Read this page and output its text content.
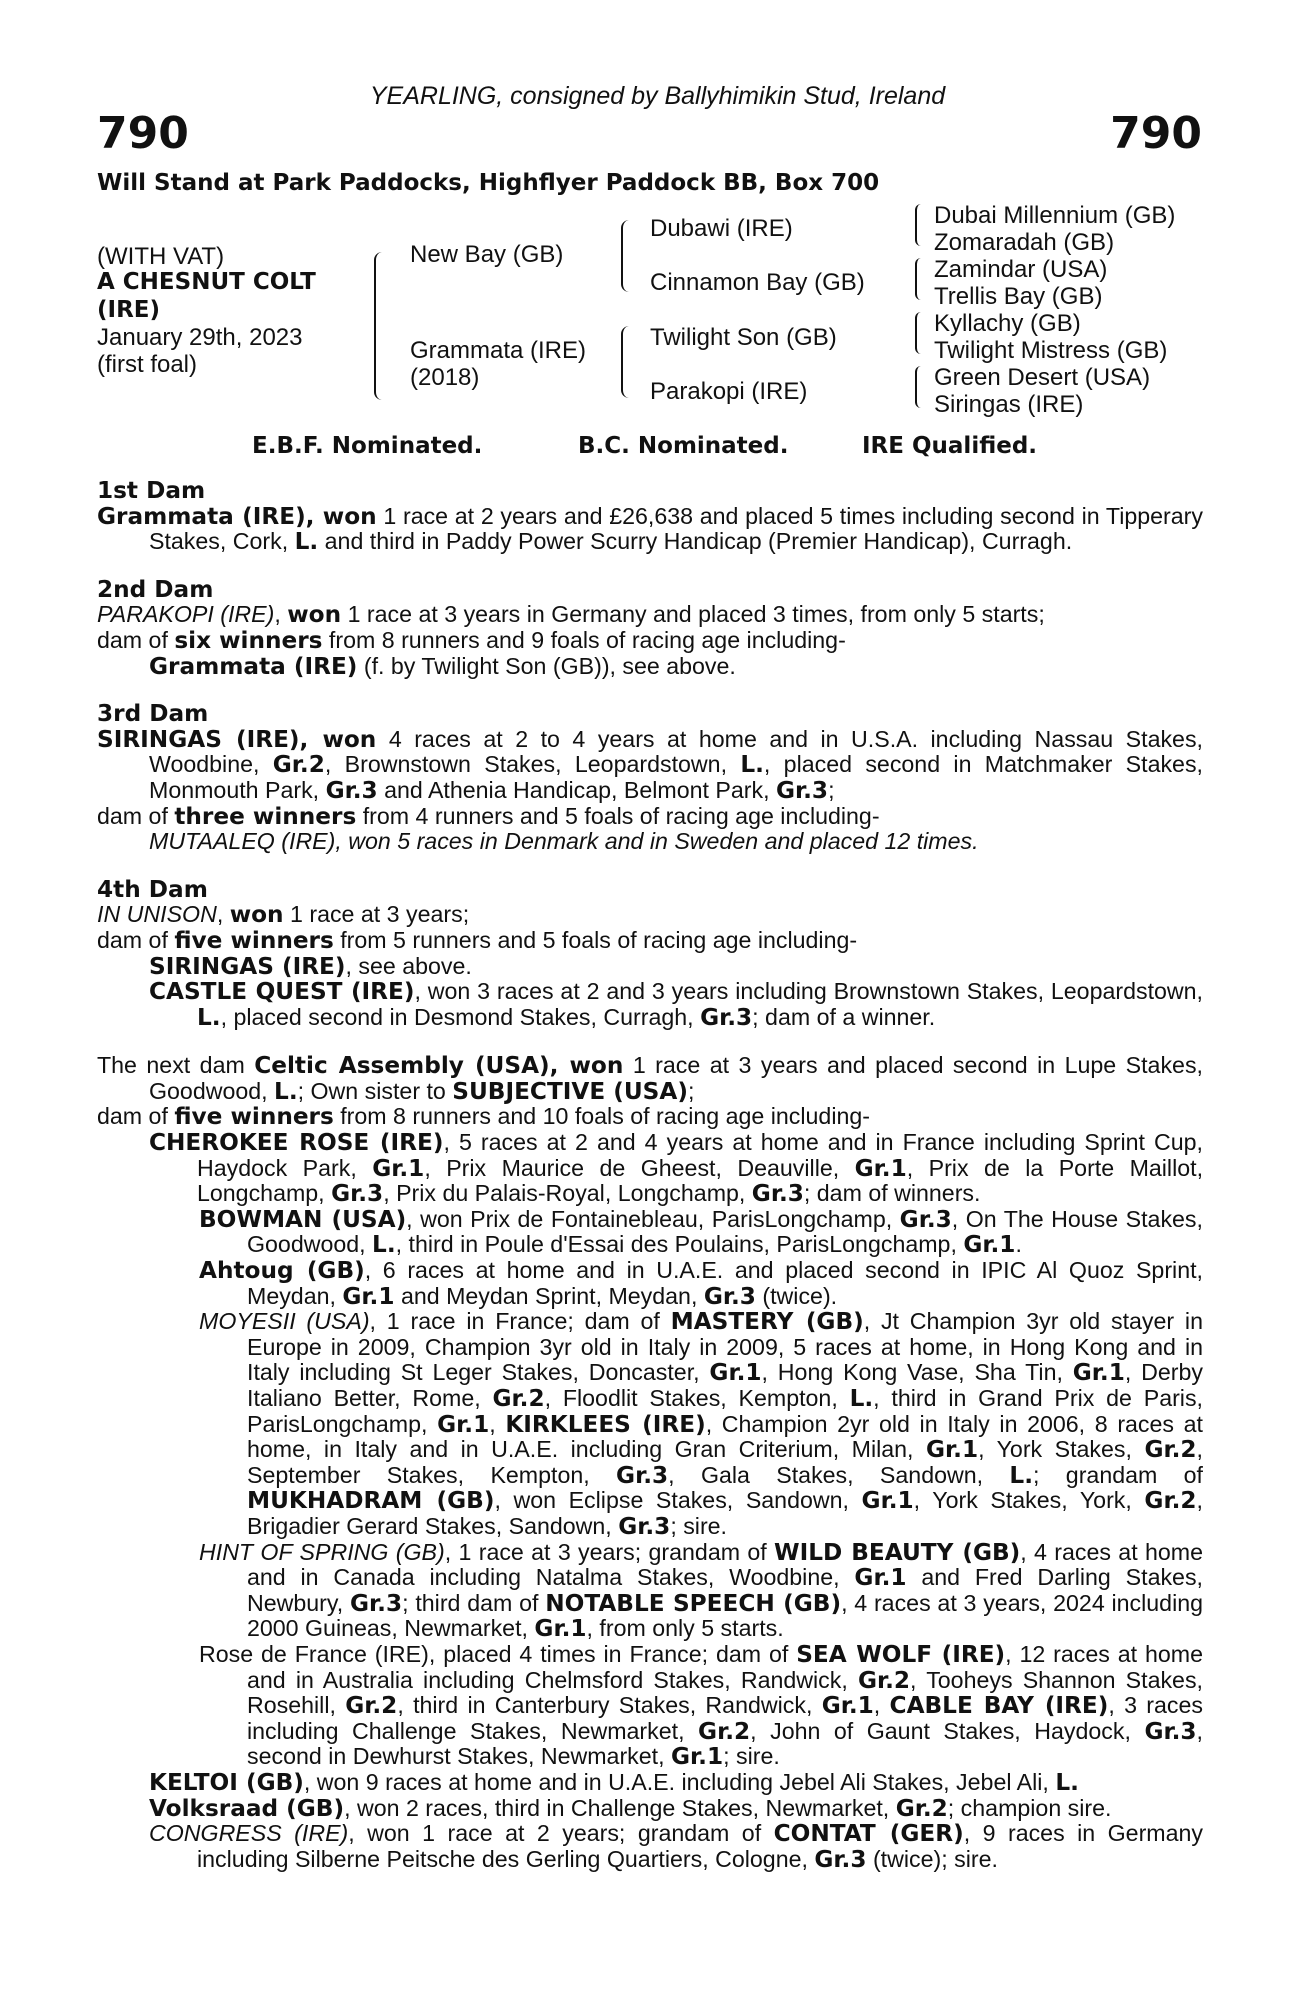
790	790
YEARLING, consigned by Ballyhimikin Stud, Ireland
Will Stand at Park Paddocks, Highflyer Paddock BB, Box 700
(WITH VAT)
A CHESNUT COLT
(IRE)
January 29th, 2023
(first foal)
New Bay (GB)
Grammata (IRE)
(2018)
Dubawi (IRE)
Cinnamon Bay (GB)
Twilight Son (GB)
Parakopi (IRE)
Dubai Millennium (GB)
Zomaradah (GB)
Zamindar (USA)
Trellis Bay (GB)
Kyllachy (GB)
Twilight Mistress (GB)
Green Desert (USA)
Siringas (IRE)
E.B.F. Nominated.	B.C. Nominated.	IRE Qualified.
1st Dam
Grammata (IRE), won 1 race at 2 years and £26,638 and placed 5 times including second in Tipperary Stakes, Cork, L. and third in Paddy Power Scurry Handicap (Premier Handicap), Curragh.
2nd Dam
PARAKOPI (IRE), won 1 race at 3 years in Germany and placed 3 times, from only 5 starts;
dam of six winners from 8 runners and 9 foals of racing age including-
Grammata (IRE) (f. by Twilight Son (GB)), see above.
3rd Dam
SIRINGAS (IRE), won 4 races at 2 to 4 years at home and in U.S.A. including Nassau Stakes, Woodbine, Gr.2, Brownstown Stakes, Leopardstown, L., placed second in Matchmaker Stakes, Monmouth Park, Gr.3 and Athenia Handicap, Belmont Park, Gr.3;
dam of three winners from 4 runners and 5 foals of racing age including-
MUTAALEQ (IRE), won 5 races in Denmark and in Sweden and placed 12 times.
4th Dam
IN UNISON, won 1 race at 3 years;
dam of five winners from 5 runners and 5 foals of racing age including-
SIRINGAS (IRE), see above.
CASTLE QUEST (IRE), won 3 races at 2 and 3 years including Brownstown Stakes, Leopardstown, L., placed second in Desmond Stakes, Curragh, Gr.3; dam of a winner.
The next dam Celtic Assembly (USA), won 1 race at 3 years and placed second in Lupe Stakes, Goodwood, L.; Own sister to SUBJECTIVE (USA);
dam of five winners from 8 runners and 10 foals of racing age including-
CHEROKEE ROSE (IRE), 5 races at 2 and 4 years at home and in France including Sprint Cup, Haydock Park, Gr.1, Prix Maurice de Gheest, Deauville, Gr.1, Prix de la Porte Maillot, Longchamp, Gr.3, Prix du Palais-Royal, Longchamp, Gr.3; dam of winners.
BOWMAN (USA), won Prix de Fontainebleau, ParisLongchamp, Gr.3, On The House Stakes, Goodwood, L., third in Poule d'Essai des Poulains, ParisLongchamp, Gr.1.
Ahtoug (GB), 6 races at home and in U.A.E. and placed second in IPIC Al Quoz Sprint, Meydan, Gr.1 and Meydan Sprint, Meydan, Gr.3 (twice).
MOYESII (USA), 1 race in France; dam of MASTERY (GB), Jt Champion 3yr old stayer in Europe in 2009, Champion 3yr old in Italy in 2009, 5 races at home, in Hong Kong and in Italy including St Leger Stakes, Doncaster, Gr.1, Hong Kong Vase, Sha Tin, Gr.1, Derby Italiano Better, Rome, Gr.2, Floodlit Stakes, Kempton, L., third in Grand Prix de Paris, ParisLongchamp, Gr.1, KIRKLEES (IRE), Champion 2yr old in Italy in 2006, 8 races at home, in Italy and in U.A.E. including Gran Criterium, Milan, Gr.1, York Stakes, Gr.2, September Stakes, Kempton, Gr.3, Gala Stakes, Sandown, L.; grandam of MUKHADRAM (GB), won Eclipse Stakes, Sandown, Gr.1, York Stakes, York, Gr.2, Brigadier Gerard Stakes, Sandown, Gr.3; sire.
HINT OF SPRING (GB), 1 race at 3 years; grandam of WILD BEAUTY (GB), 4 races at home and in Canada including Natalma Stakes, Woodbine, Gr.1 and Fred Darling Stakes, Newbury, Gr.3; third dam of NOTABLE SPEECH (GB), 4 races at 3 years, 2024 including 2000 Guineas, Newmarket, Gr.1, from only 5 starts.
Rose de France (IRE), placed 4 times in France; dam of SEA WOLF (IRE), 12 races at home and in Australia including Chelmsford Stakes, Randwick, Gr.2, Tooheys Shannon Stakes, Rosehill, Gr.2, third in Canterbury Stakes, Randwick, Gr.1, CABLE BAY (IRE), 3 races including Challenge Stakes, Newmarket, Gr.2, John of Gaunt Stakes, Haydock, Gr.3, second in Dewhurst Stakes, Newmarket, Gr.1; sire.
KELTOI (GB), won 9 races at home and in U.A.E. including Jebel Ali Stakes, Jebel Ali, L.
Volksraad (GB), won 2 races, third in Challenge Stakes, Newmarket, Gr.2; champion sire.
CONGRESS (IRE), won 1 race at 2 years; grandam of CONTAT (GER), 9 races in Germany including Silberne Peitsche des Gerling Quartiers, Cologne, Gr.3 (twice); sire.
